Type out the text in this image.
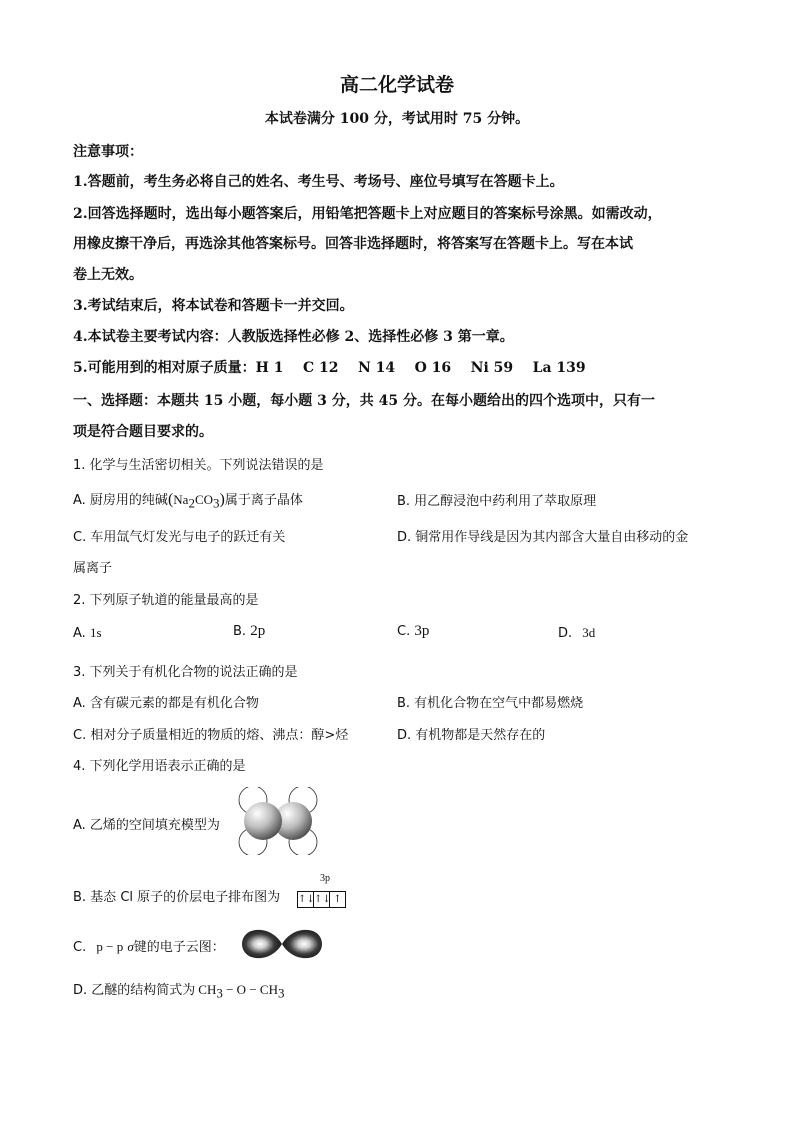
高二化学试卷
本试卷满分 100 分，考试用时 75 分钟。
注意事项：
1.答题前，考生务必将自己的姓名、考生号、考场号、座位号填写在答题卡上。
2.回答选择题时，选出每小题答案后，用铅笔把答题卡上对应题目的答案标号涂黑。如需改动，
用橡皮擦干净后，再选涂其他答案标号。回答非选择题时，将答案写在答题卡上。写在本试
卷上无效。
3.考试结束后，将本试卷和答题卡一并交回。
4.本试卷主要考试内容：人教版选择性必修 2、选择性必修 3 第一章。
5.可能用到的相对原子质量：H 1    C 12    N 14    O 16    Ni 59    La 139
一、选择题：本题共 15 小题，每小题 3 分，共 45 分。在每小题给出的四个选项中，只有一
项是符合题目要求的。
1. 化学与生活密切相关。下列说法错误的是
A. 厨房用的纯碱$(Na_2CO_3)$属于离子晶体	B. 用乙醇浸泡中药利用了萃取原理
C. 车用氙气灯发光与电子的跃迁有关	D. 铜常用作导线是因为其内部含大量自由移动的金
属离子
2. 下列原子轨道的能量最高的是
A. 1s	B. 2p	C. 3p	D. 3d
3. 下列关于有机化合物的说法正确的是
A. 含有碳元素的都是有机化合物	B. 有机化合物在空气中都易燃烧
C. 相对分子质量相近的物质的熔、沸点：醇>烃	D. 有机物都是天然存在的
4. 下列化学用语表示正确的是
A. 乙烯的空间填充模型为
B. 基态 Cl 原子的价层电子排布图为
3p
↑↓↑↓ ↑
C. p − p σ键的电子云图：
D. 乙醚的结构简式为 $CH_3 - O - CH_3$
